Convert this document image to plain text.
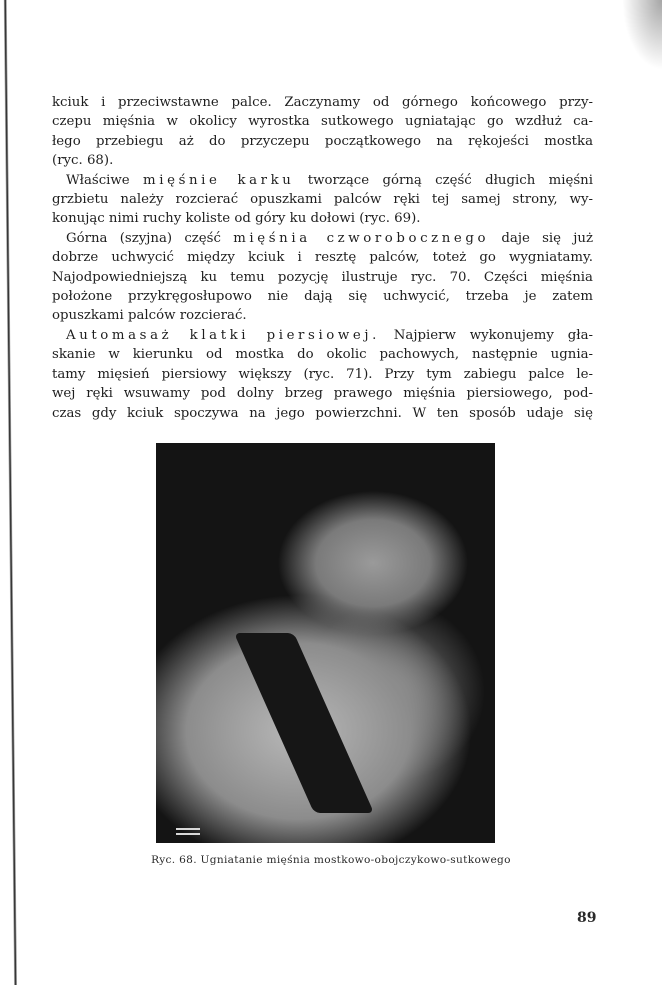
kciuk i przeciwstawne palce. Zaczynamy od górnego końcowego przy-
czepu mięśnia w okolicy wyrostka sutkowego ugniatając go wzdłuż ca-
łego przebiegu aż do przyczepu początkowego na rękojeści mostka
(ryc. 68).

Właściwe mięśnie karku tworzące górną część długich mięśni
grzbietu należy rozcierać opuszkami palców ręki tej samej strony, wy-
konując nimi ruchy koliste od góry ku dołowi (ryc. 69).

Górna (szyjna) część mięśnia czworobocznego daje się już
dobrze uchwycić między kciuk i resztę palców, toteż go wygniatamy.
Najodpowiedniejszą ku temu pozycję ilustruje ryc. 70. Części mięśnia
położone przykręgosłupowo nie dają się uchwycić, trzeba je zatem
opuszkami palców rozcierać.

Automasaż klatki piersiowej. Najpierw wykonujemy gła-
skanie w kierunku od mostka do okolic pachowych, następnie ugnia-
tamy mięsień piersiowy większy (ryc. 71). Przy tym zabiegu palce le-
wej ręki wsuwamy pod dolny brzeg prawego mięśnia piersiowego, pod-
czas gdy kciuk spoczywa na jego powierzchni. W ten sposób udaje się

Ryc. 68. Ugniatanie mięśnia mostkowo-obojczykowo-sutkowego
89
